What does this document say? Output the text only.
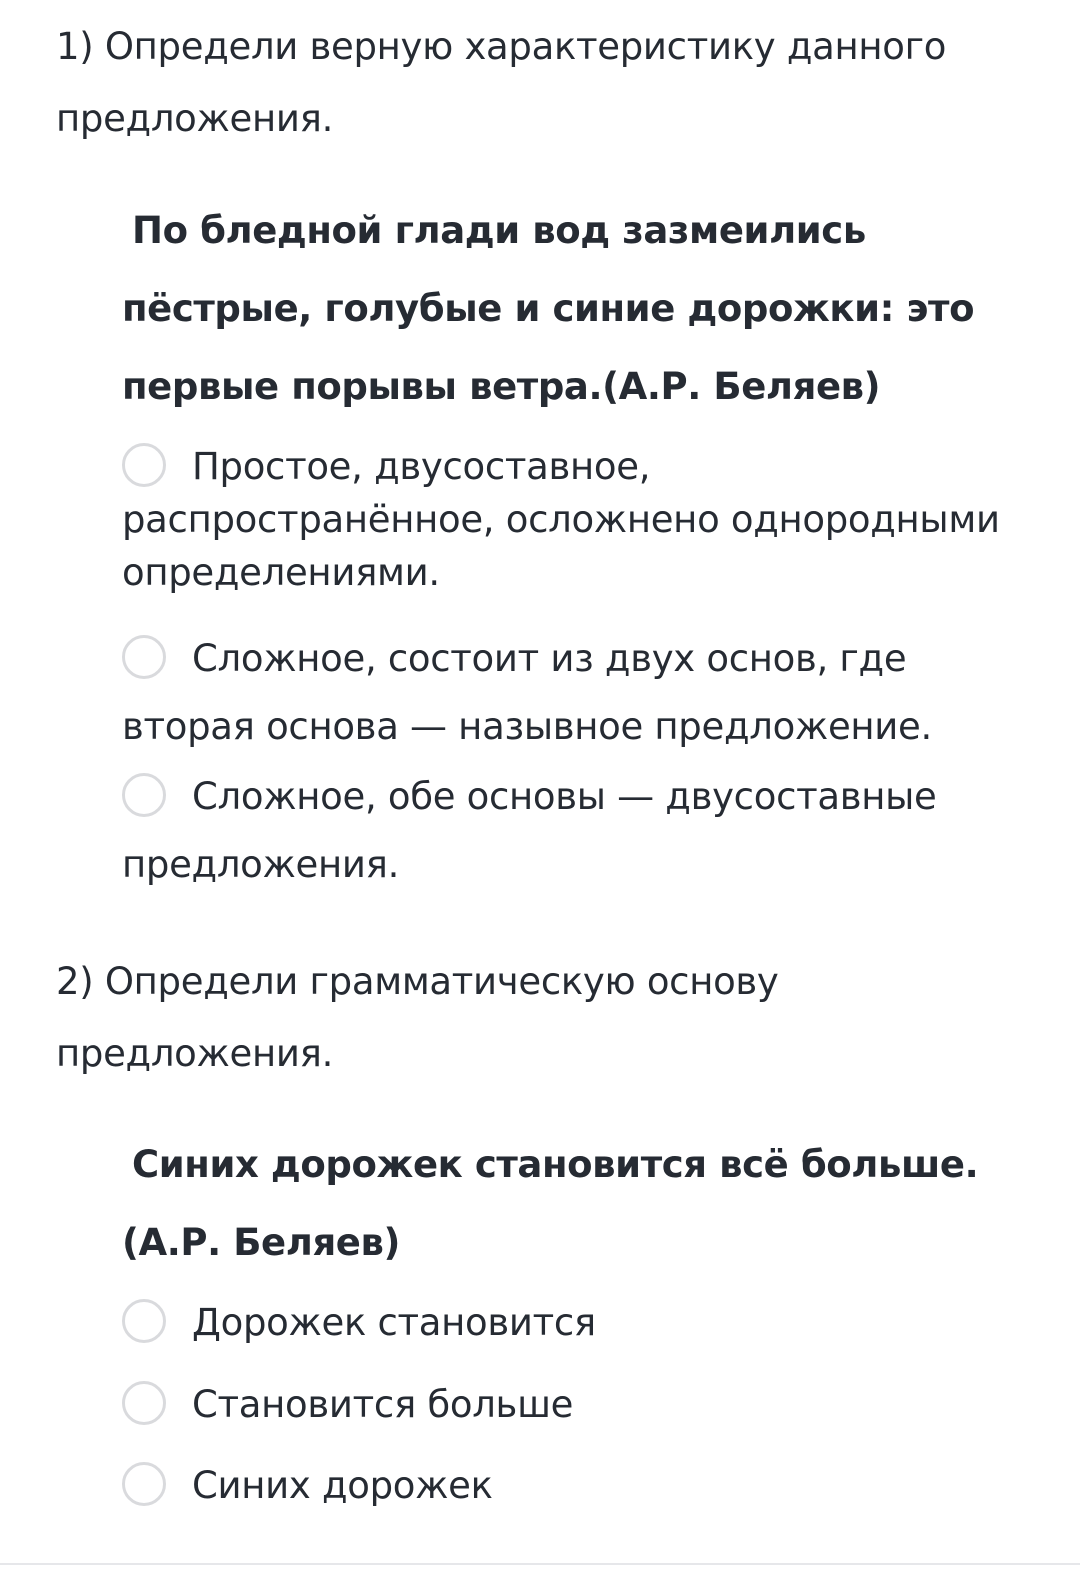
1) Определи верную характеристику данного предложения.

По бледной глади вод зазмеились
пёстрые, голубые и синие дорожки: это
первые порывы ветра.(А.Р. Беляев)
Простое, двусоставное, распространённое, осложнено однородными определениями.
Сложное, состоит из двух основ, где вторая основа — назывное предложение.
Сложное, обе основы — двусоставные предложения.

2) Определи грамматическую основу предложения.

Синих дорожек становится всё больше.
(А.Р. Беляев)
Дорожек становится
Становится больше
Синих дорожек
